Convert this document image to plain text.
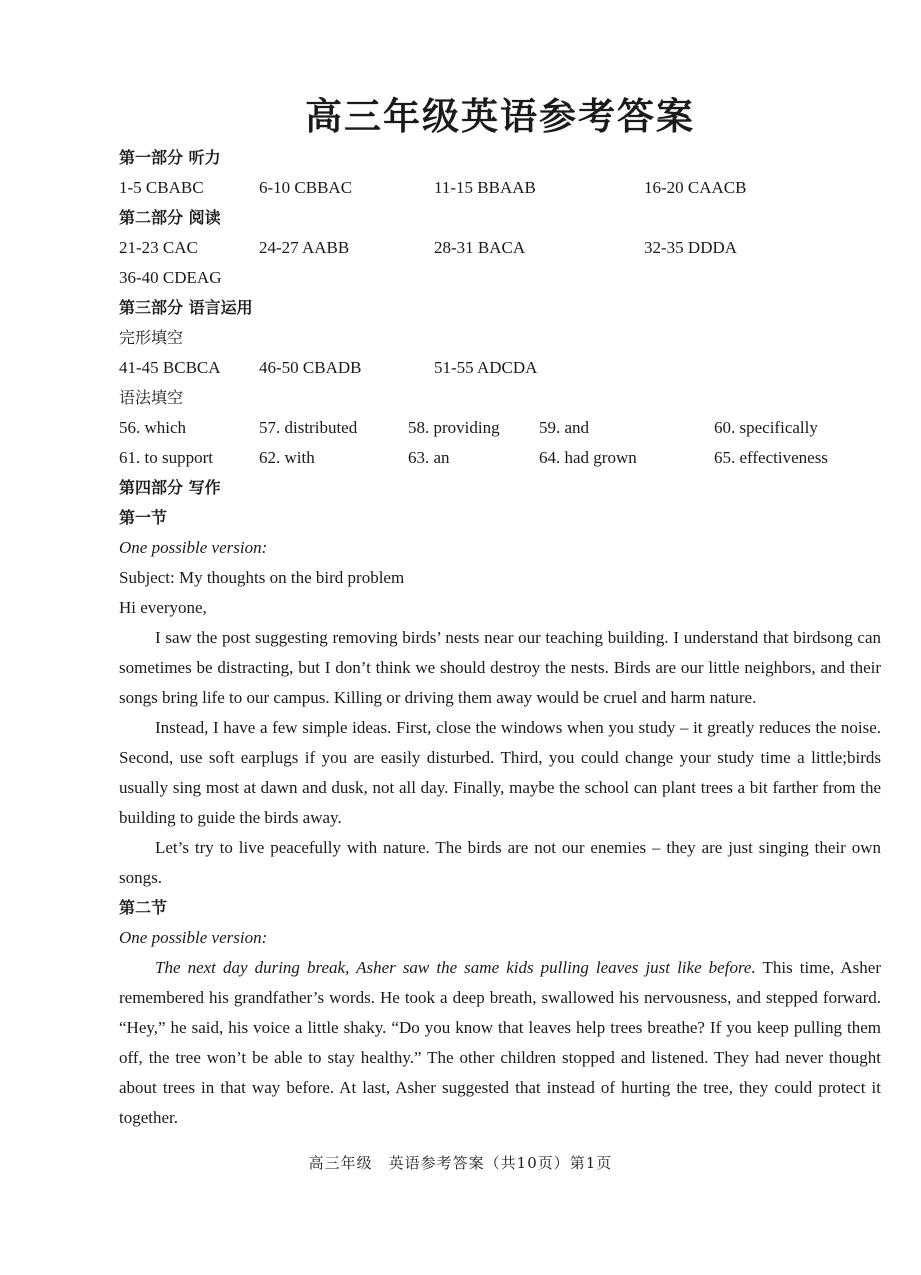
高三年级英语参考答案
第一部分 听力
1-5 CBABC	6-10 CBBAC	11-15 BBAAB	16-20 CAACB
第二部分 阅读
21-23 CAC	24-27 AABB	28-31 BACA	32-35 DDDA
36-40 CDEAG
第三部分 语言运用
完形填空
41-45 BCBCA 46-50 CBADB	51-55 ADCDA
语法填空
56. which	57. distributed	58. providing 59. and	60. specifically
61. to support	62. with	63. an	64. had grown	65. effectiveness
第四部分 写作
第一节
One possible version:
Subject: My thoughts on the bird problem
Hi everyone,

I saw the post suggesting removing birds’ nests near our teaching building. I understand that birdsong can sometimes be distracting, but I don’t think we should destroy the nests. Birds are our little neighbors, and their songs bring life to our campus. Killing or driving them away would be cruel and harm nature.

Instead, I have a few simple ideas. First, close the windows when you study – it greatly reduces the noise. Second, use soft earplugs if you are easily disturbed. Third, you could change your study time a little;birds usually sing most at dawn and dusk, not all day. Finally, maybe the school can plant trees a bit farther from the building to guide the birds away.

Let’s try to live peacefully with nature. The birds are not our enemies – they are just singing their own songs.

第二节
One possible version:

The next day during break, Asher saw the same kids pulling leaves just like before. This time, Asher remembered his grandfather’s words. He took a deep breath, swallowed his nervousness, and stepped forward. “Hey,” he said, his voice a little shaky. “Do you know that leaves help trees breathe? If you keep pulling them off, the tree won’t be able to stay healthy.” The other children stopped and listened. They had never thought about trees in that way before. At last, Asher suggested that instead of hurting the tree, they could protect it together.

高三年级　英语参考答案（共10页）第1页
